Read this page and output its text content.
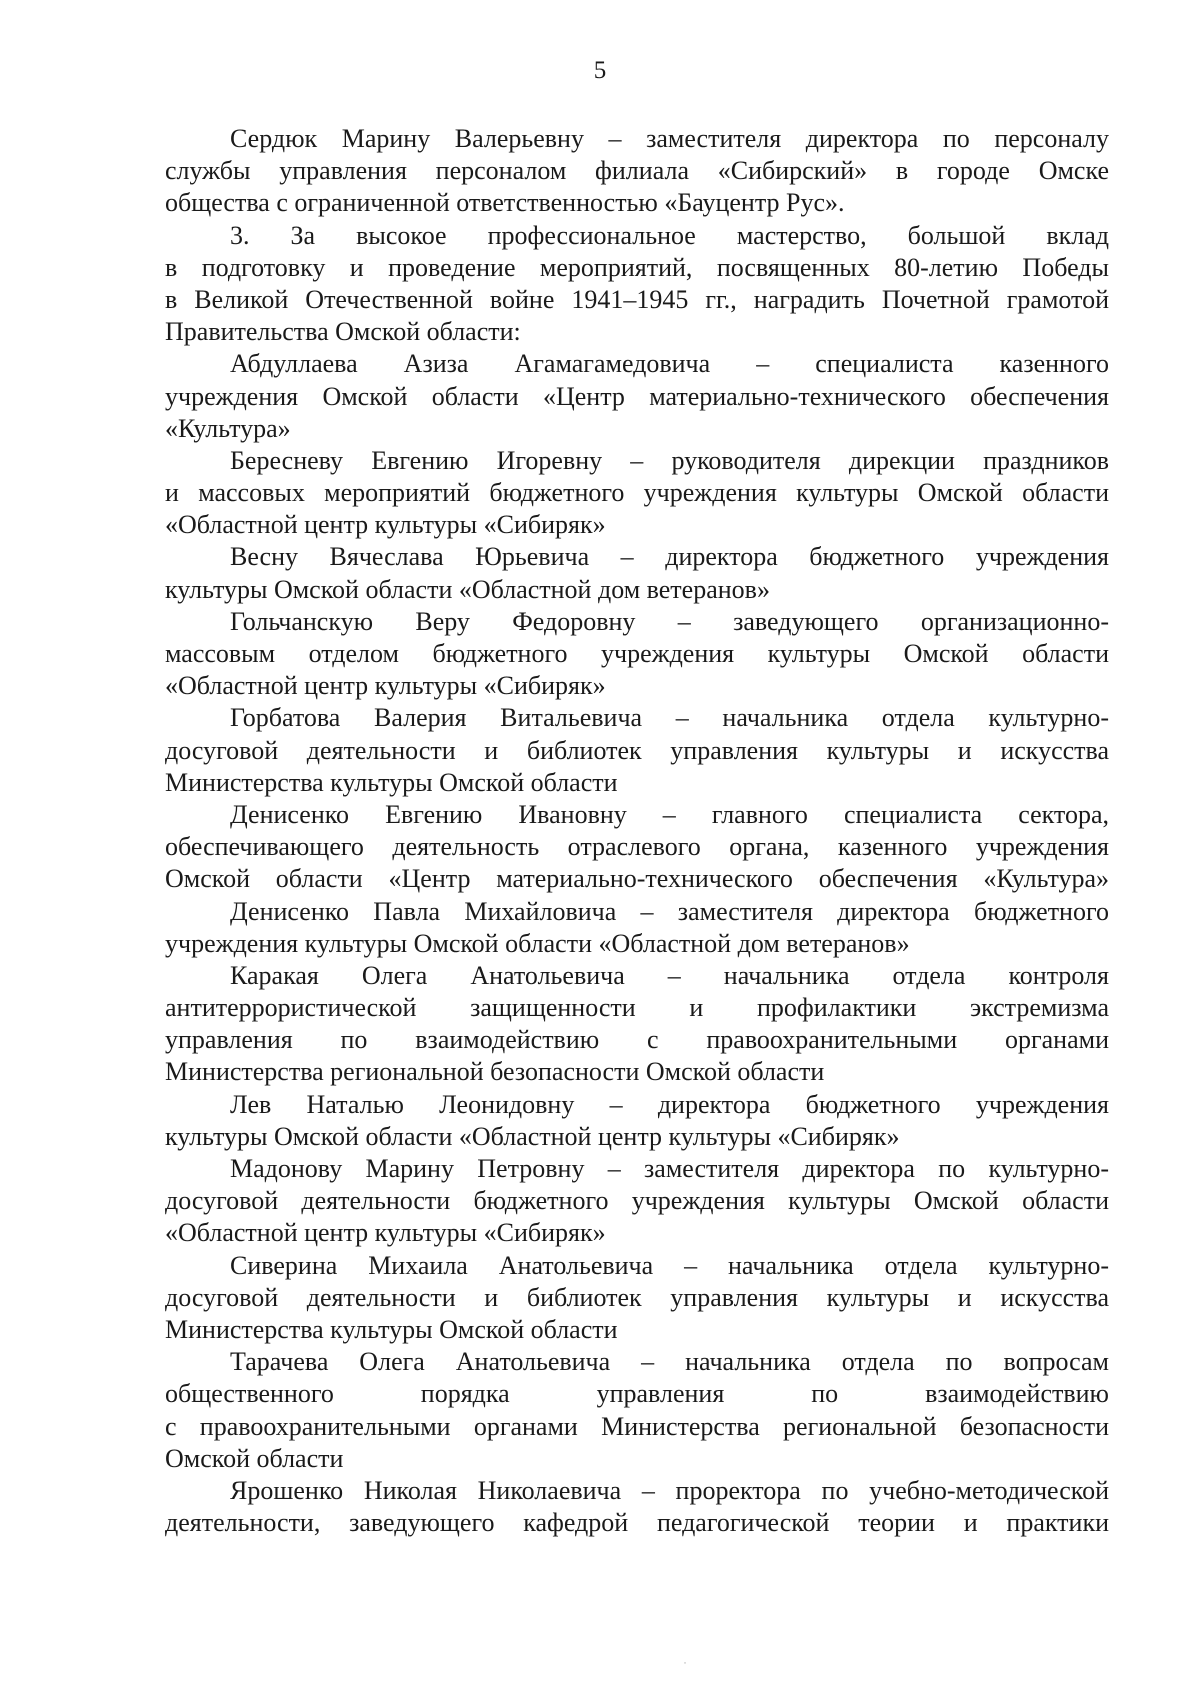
5
Сердюк Марину Валерьевну – заместителя директора по персоналу
службы управления персоналом филиала «Сибирский» в городе Омске
общества с ограниченной ответственностью «Бауцентр Рус».
3. За высокое профессиональное мастерство, большой вклад
в подготовку и проведение мероприятий, посвященных 80-летию Победы
в Великой Отечественной войне 1941–1945 гг., наградить Почетной грамотой
Правительства Омской области:
Абдуллаева Азиза Агамагамедовича – специалиста казенного
учреждения Омской области «Центр материально-технического обеспечения
«Культура»
Бересневу Евгению Игоревну – руководителя дирекции праздников
и массовых мероприятий бюджетного учреждения культуры Омской области
«Областной центр культуры «Сибиряк»
Весну Вячеслава Юрьевича – директора бюджетного учреждения
культуры Омской области «Областной дом ветеранов»
Гольчанскую Веру Федоровну – заведующего организационно-
массовым отделом бюджетного учреждения культуры Омской области
«Областной центр культуры «Сибиряк»
Горбатова Валерия Витальевича – начальника отдела культурно-
досуговой деятельности и библиотек управления культуры и искусства
Министерства культуры Омской области
Денисенко Евгению Ивановну – главного специалиста сектора,
обеспечивающего деятельность отраслевого органа, казенного учреждения
Омской области «Центр материально-технического обеспечения «Культура»
Денисенко Павла Михайловича – заместителя директора бюджетного
учреждения культуры Омской области «Областной дом ветеранов»
Каракая Олега Анатольевича – начальника отдела контроля
антитеррористической защищенности и профилактики экстремизма
управления по взаимодействию с правоохранительными органами
Министерства региональной безопасности Омской области
Лев Наталью Леонидовну – директора бюджетного учреждения
культуры Омской области «Областной центр культуры «Сибиряк»
Мадонову Марину Петровну – заместителя директора по культурно-
досуговой деятельности бюджетного учреждения культуры Омской области
«Областной центр культуры «Сибиряк»
Сиверина Михаила Анатольевича – начальника отдела культурно-
досуговой деятельности и библиотек управления культуры и искусства
Министерства культуры Омской области
Тарачева Олега Анатольевича – начальника отдела по вопросам
общественного порядка управления по взаимодействию
с правоохранительными органами Министерства региональной безопасности
Омской области
Ярошенко Николая Николаевича – проректора по учебно-методической
деятельности, заведующего кафедрой педагогической теории и практики
˙
